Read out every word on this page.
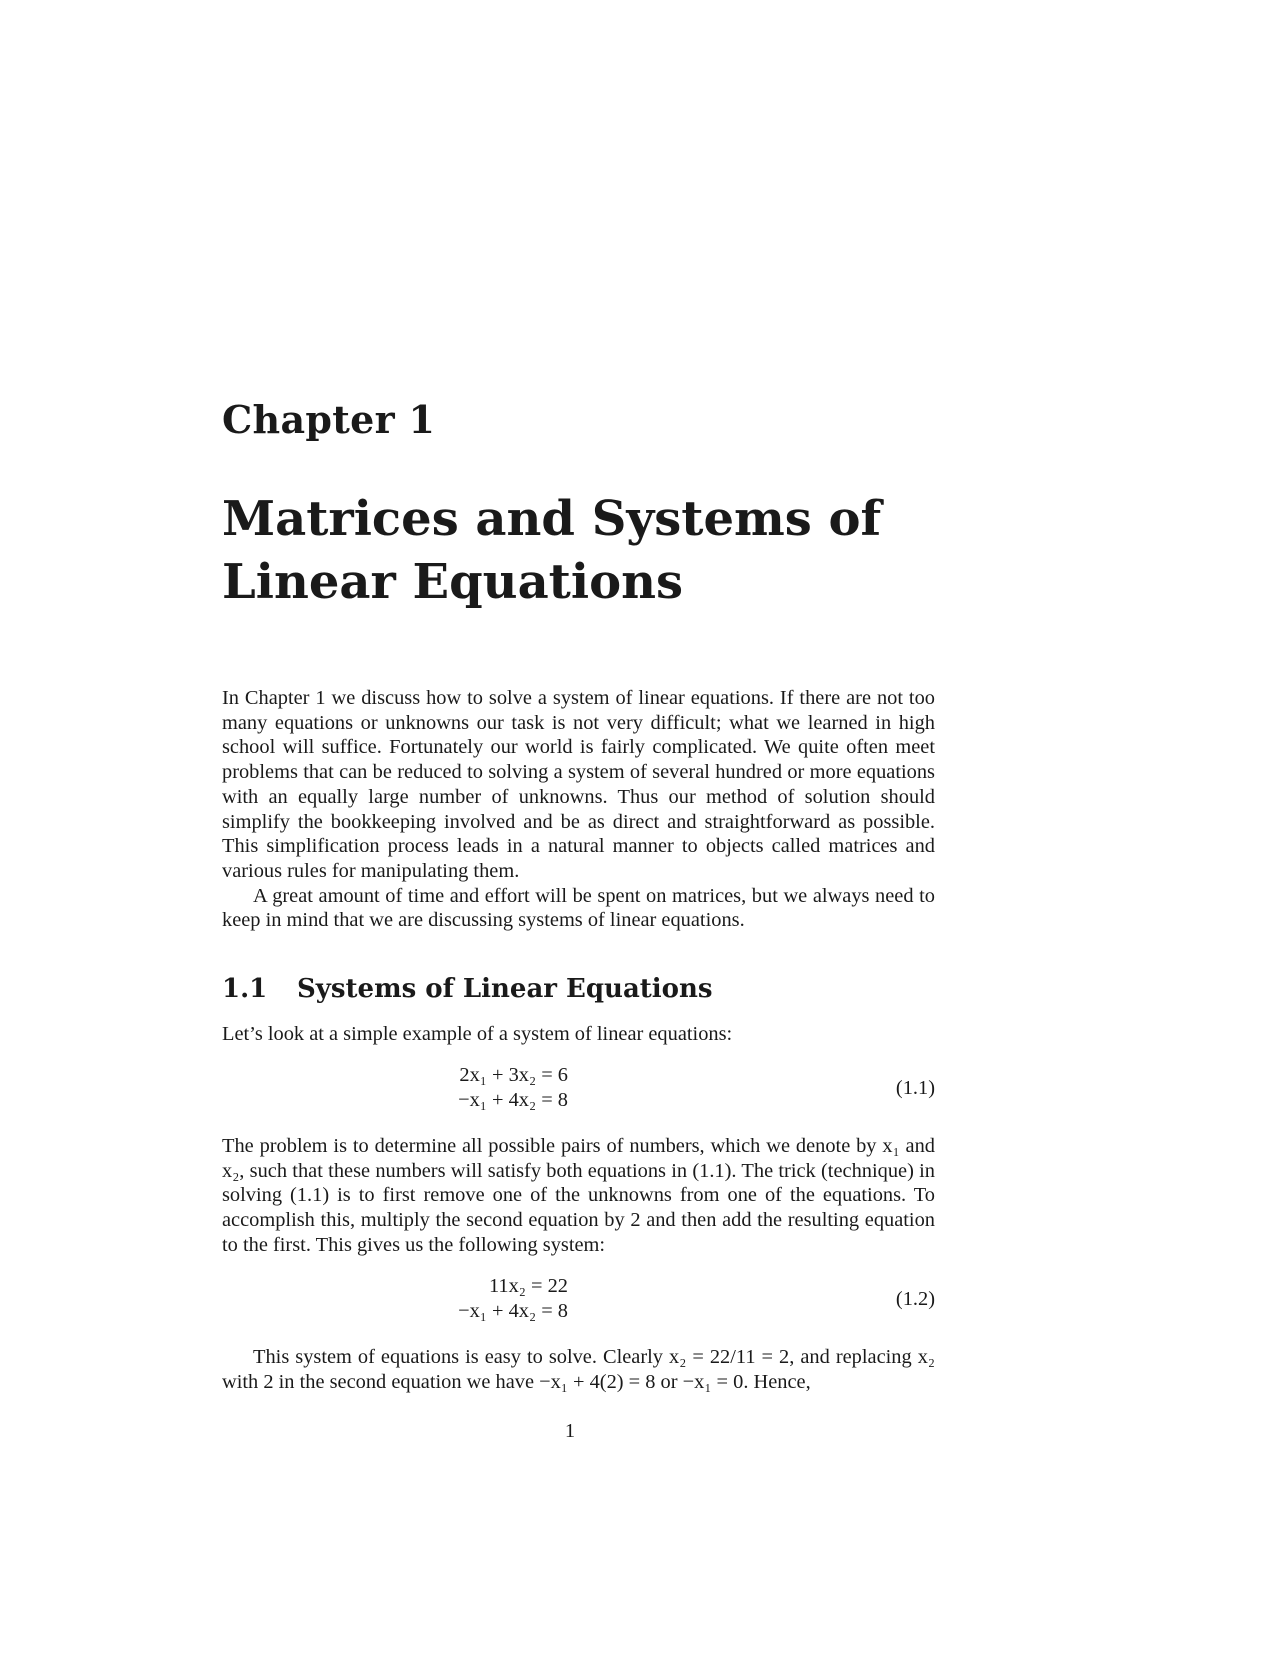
Chapter 1
Matrices and Systems of
Linear Equations

In Chapter 1 we discuss how to solve a system of linear equations. If there are not too many equations or unknowns our task is not very difficult; what we learned in high school will suffice. Fortunately our world is fairly complicated. We quite often meet problems that can be reduced to solving a system of several hundred or more equations with an equally large number of unknowns. Thus our method of solution should simplify the bookkeeping involved and be as direct and straightforward as possible. This simplification process leads in a natural manner to objects called matrices and various rules for manipulating them.

A great amount of time and effort will be spent on matrices, but we always need to keep in mind that we are discussing systems of linear equations.

1.1 Systems of Linear Equations

Let’s look at a simple example of a system of linear equations:

2x₁ + 3x₂ = 6
−x₁ + 4x₂ = 8
(1.1)

The problem is to determine all possible pairs of numbers, which we denote by x₁ and x₂, such that these numbers will satisfy both equations in (1.1). The trick (technique) in solving (1.1) is to first remove one of the unknowns from one of the equations. To accomplish this, multiply the second equation by 2 and then add the resulting equation to the first. This gives us the following system:

11x₂ = 22
−x₁ + 4x₂ = 8
(1.2)

This system of equations is easy to solve. Clearly x₂ = 22/11 = 2, and replacing x₂ with 2 in the second equation we have −x₁ + 4(2) = 8 or −x₁ = 0. Hence,

1
